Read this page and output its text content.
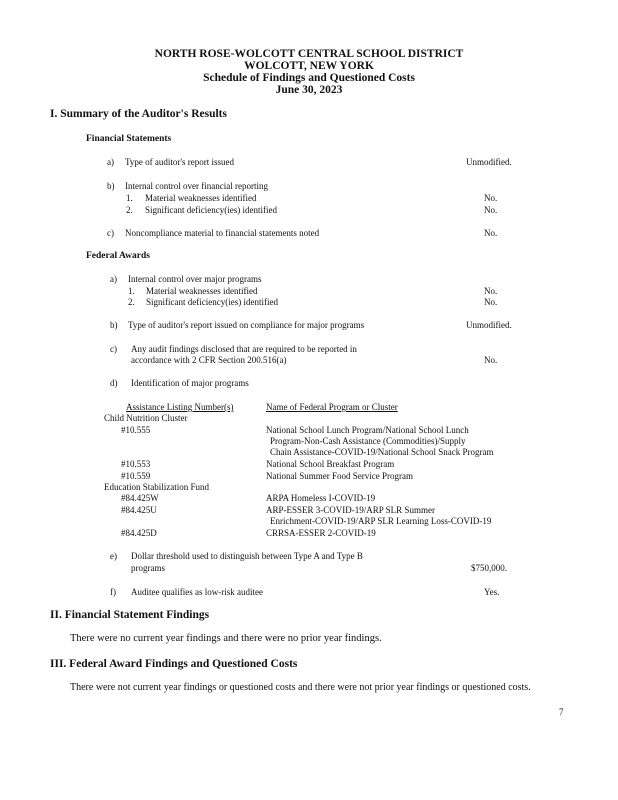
NORTH ROSE-WOLCOTT CENTRAL SCHOOL DISTRICT
WOLCOTT, NEW YORK
Schedule of Findings and Questioned Costs
June 30, 2023
I. Summary of the Auditor's Results
Financial Statements
a) Type of auditor's report issued	Unmodified.
b) Internal control over financial reporting
1. Material weaknesses identified	No.
2. Significant deficiency(ies) identified	No.
c) Noncompliance material to financial statements noted	No.
Federal Awards
a) Internal control over major programs
1. Material weaknesses identified	No.
2. Significant deficiency(ies) identified	No.
b) Type of auditor's report issued on compliance for major programs	Unmodified.
c) Any audit findings disclosed that are required to be reported in
accordance with 2 CFR Section 200.516(a)	No.
d) Identification of major programs
Assistance Listing Number(s)	Name of Federal Program or Cluster
Child Nutrition Cluster
#10.555	National School Lunch Program/National School Lunch
Program-Non-Cash Assistance (Commodities)/Supply
Chain Assistance-COVID-19/National School Snack Program
#10.553	National School Breakfast Program
#10.559	National Summer Food Service Program
Education Stabilization Fund
#84.425W	ARPA Homeless I-COVID-19
#84.425U	ARP-ESSER 3-COVID-19/ARP SLR Summer
Enrichment-COVID-19/ARP SLR Learning Loss-COVID-19
#84.425D	CRRSA-ESSER 2-COVID-19
e) Dollar threshold used to distinguish between Type A and Type B
programs	$750,000.
f) Auditee qualifies as low-risk auditee	Yes.
II. Financial Statement Findings
There were no current year findings and there were no prior year findings.
III. Federal Award Findings and Questioned Costs
There were not current year findings or questioned costs and there were not prior year findings or questioned costs.
7
